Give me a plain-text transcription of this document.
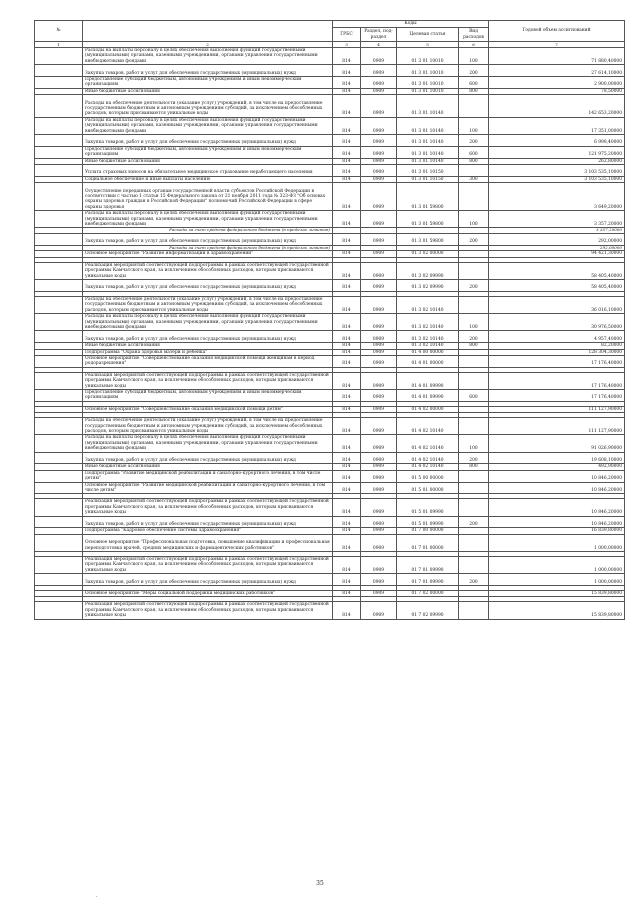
№		Коды				Годовой объем ассигнований
		ГРБС	Раздел, под-раздел	Целевая статья	Вид расходов	
1	2	3	4	5	6	7
	Расходы на выплаты персоналу в целях обеспечения выполнения функций государственными (муниципальными) органами, казенными учреждениями, органами управления государственными внебюджетными фондами	814	0909	01 3 01 10010	100	71 880,40000
	Закупка товаров, работ и услуг для обеспечения государственных (муниципальных) нужд	814	0909	01 3 01 10010	200	27 614,10000
	Предоставление субсидий бюджетным, автономным учреждениям и иным некоммерческим организациям	814	0909	01 3 01 10010	600	2 900,00000
	Иные бюджетные ассигнования	814	0909	01 3 01 10010	800	78,50000
	Расходы на обеспечение деятельности (оказание услуг) учреждений, в том числе на предоставление государственным бюджетным и автономным учреждениям субсидий, за исключением обособленных расходов, которым присваиваются уникальные коды	814	0909	01 3 01 10140		142 653,20000
	Расходы на выплаты персоналу в целях обеспечения выполнения функций государственными (муниципальными) органами, казенными учреждениями, органами управления государственными внебюджетными фондами	814	0909	01 3 01 10140	100	17 351,00000
	Закупка товаров, работ и услуг для обеспечения государственных (муниципальных) нужд	814	0909	01 3 01 10140	200	6 998,40000
	Предоставление субсидий бюджетным, автономным учреждениям и иным некоммерческим организациям	814	0909	01 3 01 10140	600	121 975,20000
	Иные бюджетные ассигнования	814	0909	01 3 01 10140	800	262,80000
	Уплата страховых взносов на обязательное медицинское страхование неработающего населения	814	0909	01 3 01 10150		3 103 535,10000
	Социальное обеспечение и иные выплаты населению	814	0909	01 3 01 10150	300	3 103 535,10000
	Осуществление переданных органам государственной власти субъектов Российской Федерации в соответствии с частью 1 статьи 15 Федерального закона от 21 ноября 2011 года № 323-ФЗ "Об основах охраны здоровья граждан в Российской Федерации" полномочий Российской Федерации в сфере охраны здоровья	814	0909	01 3 01 59800		3 649,20000
	Расходы на выплаты персоналу в целях обеспечения выполнения функций государственными (муниципальными) органами, казенными учреждениями, органами управления государственными внебюджетными фондами	814	0909	01 3 01 59800	100	3 357,20000
	Расходы за счет средств федерального бюджета (в пределах лимитов)					3 357,20000
	Закупка товаров, работ и услуг для обеспечения государственных (муниципальных) нужд	814	0909	01 3 01 59800	200	292,00000
	Расходы за счет средств федерального бюджета (в пределах лимитов)					292,00000
	Основное мероприятие "Развитие информатизации в здравоохранении"	814	0909	01 3 02 00000		94 421,30000

	Реализация мероприятий соответствующей подпрограммы в рамках соответствующей государственной программы Камчатского края, за исключением обособленных расходов, которым присваиваются уникальные коды	814	0909	01 3 02 09990		58 405,40000
	Закупка товаров, работ и услуг для обеспечения государственных (муниципальных) нужд	814	0909	01 3 02 09990	200	58 405,40000

	Расходы на обеспечение деятельности (оказание услуг) учреждений, в том числе на предоставление государственным бюджетным и автономным учреждениям субсидий, за исключением обособленных расходов, которым присваиваются уникальные коды	814	0909	01 3 02 10140		36 016,10000
	Расходы на выплаты персоналу в целях обеспечения выполнения функций государственными (муниципальными) органами, казенными учреждениями, органами управления государственными внебюджетными фондами	814	0909	01 3 02 10140	100	30 976,50000
	Закупка товаров, работ и услуг для обеспечения государственных (муниципальных) нужд	814	0909	01 3 02 10140	200	4 957,40000
	Иные бюджетные ассигнования	814	0909	01 3 02 10140	800	82,20000
	Подпрограмма "Охрана здоровья матери и ребенка"	814	0909	01 4 00 00000		128 304,30000
	Основное мероприятие "Совершенствование оказания медицинской помощи женщинам в период родоразрешения"	814	0909	01 4 01 00000		17 176,40000

	Реализация мероприятий соответствующей подпрограммы в рамках соответствующей государственной программы Камчатского края, за исключением обособленных расходов, которым присваиваются уникальные коды	814	0909	01 4 01 09990		17 176,40000
	Предоставление субсидий бюджетным, автономным учреждениям и иным некоммерческим организациям	814	0909	01 4 01 09990	600	17 176,40000

	Основное мероприятие "Совершенствование оказания медицинской помощи детям"	814	0909	01 4 02 00000		111 127,90000

	Расходы на обеспечение деятельности (оказание услуг) учреждений, в том числе на предоставление государственным бюджетным и автономным учреждениям субсидий, за исключением обособленных расходов, которым присваиваются уникальные коды	814	0909	01 4 02 10140		111 127,90000
	Расходы на выплаты персоналу в целях обеспечения выполнения функций государственными (муниципальными) органами, казенными учреждениями, органами управления государственными внебюджетными фондами	814	0909	01 4 02 10140	100	91 026,90000
	Закупка товаров, работ и услуг для обеспечения государственных (муниципальных) нужд	814	0909	01 4 02 10140	200	19 608,10000
	Иные бюджетные ассигнования	814	0909	01 4 02 10140	800	492,90000
	Подпрограмма "Развитие медицинской реабилитации и санаторно-курортного лечения, в том числе детям"	814	0909	01 5 00 00000		10 846,20000
	Основное мероприятие "Развитие медицинской реабилитации и санаторно-курортного лечения, в том числе детям"	814	0909	01 5 01 00000		10 846,20000

	Реализация мероприятий соответствующей подпрограммы в рамках соответствующей государственной программы Камчатского края, за исключением обособленных расходов, которым присваиваются уникальные коды	814	0909	01 5 01 09990		10 846,20000
	Закупка товаров, работ и услуг для обеспечения государственных (муниципальных) нужд	814	0909	01 5 01 09990	200	10 846,20000
	Подпрограмма "Кадровое обеспечение системы здравоохранения"	814	0909	01 7 00 00000		16 839,80000
	Основное мероприятие "Профессиональная подготовка, повышение квалификации и профессиональная переподготовка врачей, средних медицинских и фармацевтических работников"	814	0909	01 7 01 00000		1 000,00000

	Реализация мероприятий соответствующей подпрограммы в рамках соответствующей государственной программы Камчатского края, за исключением обособленных расходов, которым присваиваются уникальные коды	814	0909	01 7 01 09990		1 000,00000
	Закупка товаров, работ и услуг для обеспечения государственных (муниципальных) нужд	814	0909	01 7 01 09990	200	1 000,00000

	Основное мероприятие "Меры социальной поддержки медицинских работников"	814	0909	01 7 02 00000		15 839,80000

	Реализация мероприятий соответствующей подпрограммы в рамках соответствующей государственной программы Камчатского края, за исключением обособленных расходов, которым присваиваются уникальные коды	814	0909	01 7 02 09990		15 839,80000
35
.
